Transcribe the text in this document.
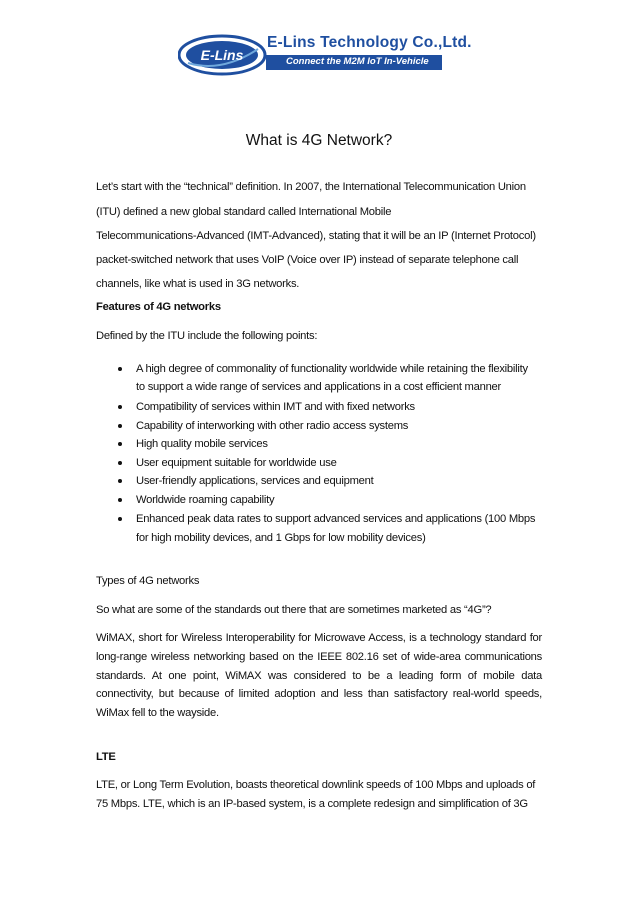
E-Lins
E-Lins Technology Co.,Ltd.
Connect the M2M IoT In-Vehicle
What is 4G Network?
Let’s start with the “technical” definition. In 2007, the International Telecommunication Union
(ITU) defined a new global standard called International Mobile
Telecommunications-Advanced (IMT-Advanced), stating that it will be an IP (Internet Protocol)
packet-switched network that uses VoIP (Voice over IP) instead of separate telephone call
channels, like what is used in 3G networks.
Features of 4G networks
Defined by the ITU include the following points:
A high degree of commonality of functionality worldwide while retaining the flexibility
to support a wide range of services and applications in a cost efficient manner
Compatibility of services within IMT and with fixed networks
Capability of interworking with other radio access systems
High quality mobile services
User equipment suitable for worldwide use
User-friendly applications, services and equipment
Worldwide roaming capability
Enhanced peak data rates to support advanced services and applications (100 Mbps
for high mobility devices, and 1 Gbps for low mobility devices)
Types of 4G networks
So what are some of the standards out there that are sometimes marketed as “4G”?
WiMAX, short for Wireless Interoperability for Microwave Access, is a technology standard for
long-range wireless networking based on the IEEE 802.16 set of wide-area communications
standards. At one point, WiMAX was considered to be a leading form of mobile data
connectivity, but because of limited adoption and less than satisfactory real-world speeds,
WiMax fell to the wayside.
LTE
LTE, or Long Term Evolution, boasts theoretical downlink speeds of 100 Mbps and uploads of
75 Mbps. LTE, which is an IP-based system, is a complete redesign and simplification of 3G
